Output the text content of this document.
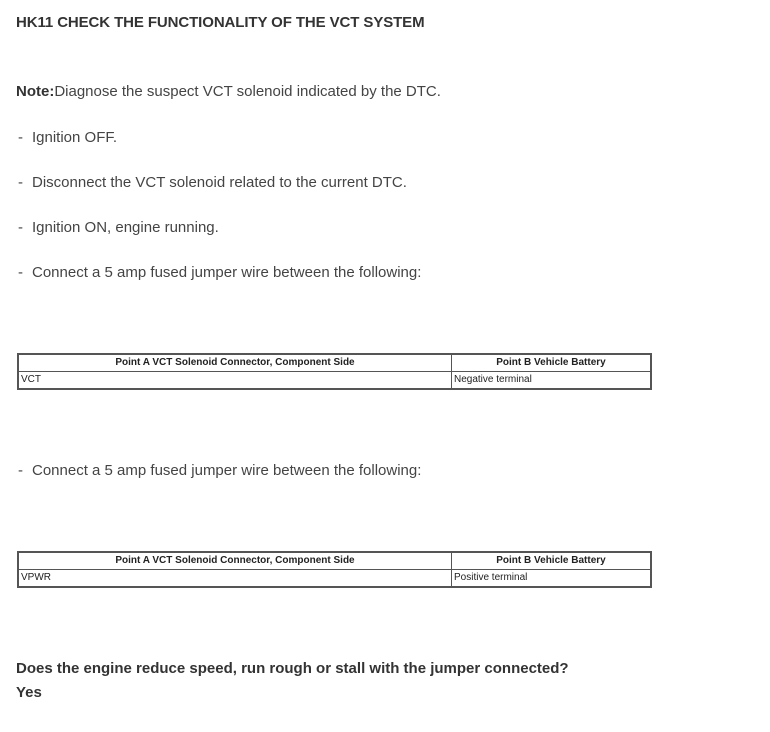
HK11 CHECK THE FUNCTIONALITY OF THE VCT SYSTEM
Note:Diagnose the suspect VCT solenoid indicated by the DTC.
- Ignition OFF.
- Disconnect the VCT solenoid related to the current DTC.
- Ignition ON, engine running.
- Connect a 5 amp fused jumper wire between the following:
Point A VCT Solenoid Connector, Component Side	Point B Vehicle Battery
VCT	Negative terminal
- Connect a 5 amp fused jumper wire between the following:
Point A VCT Solenoid Connector, Component Side	Point B Vehicle Battery
VPWR	Positive terminal
Does the engine reduce speed, run rough or stall with the jumper connected?
Yes
